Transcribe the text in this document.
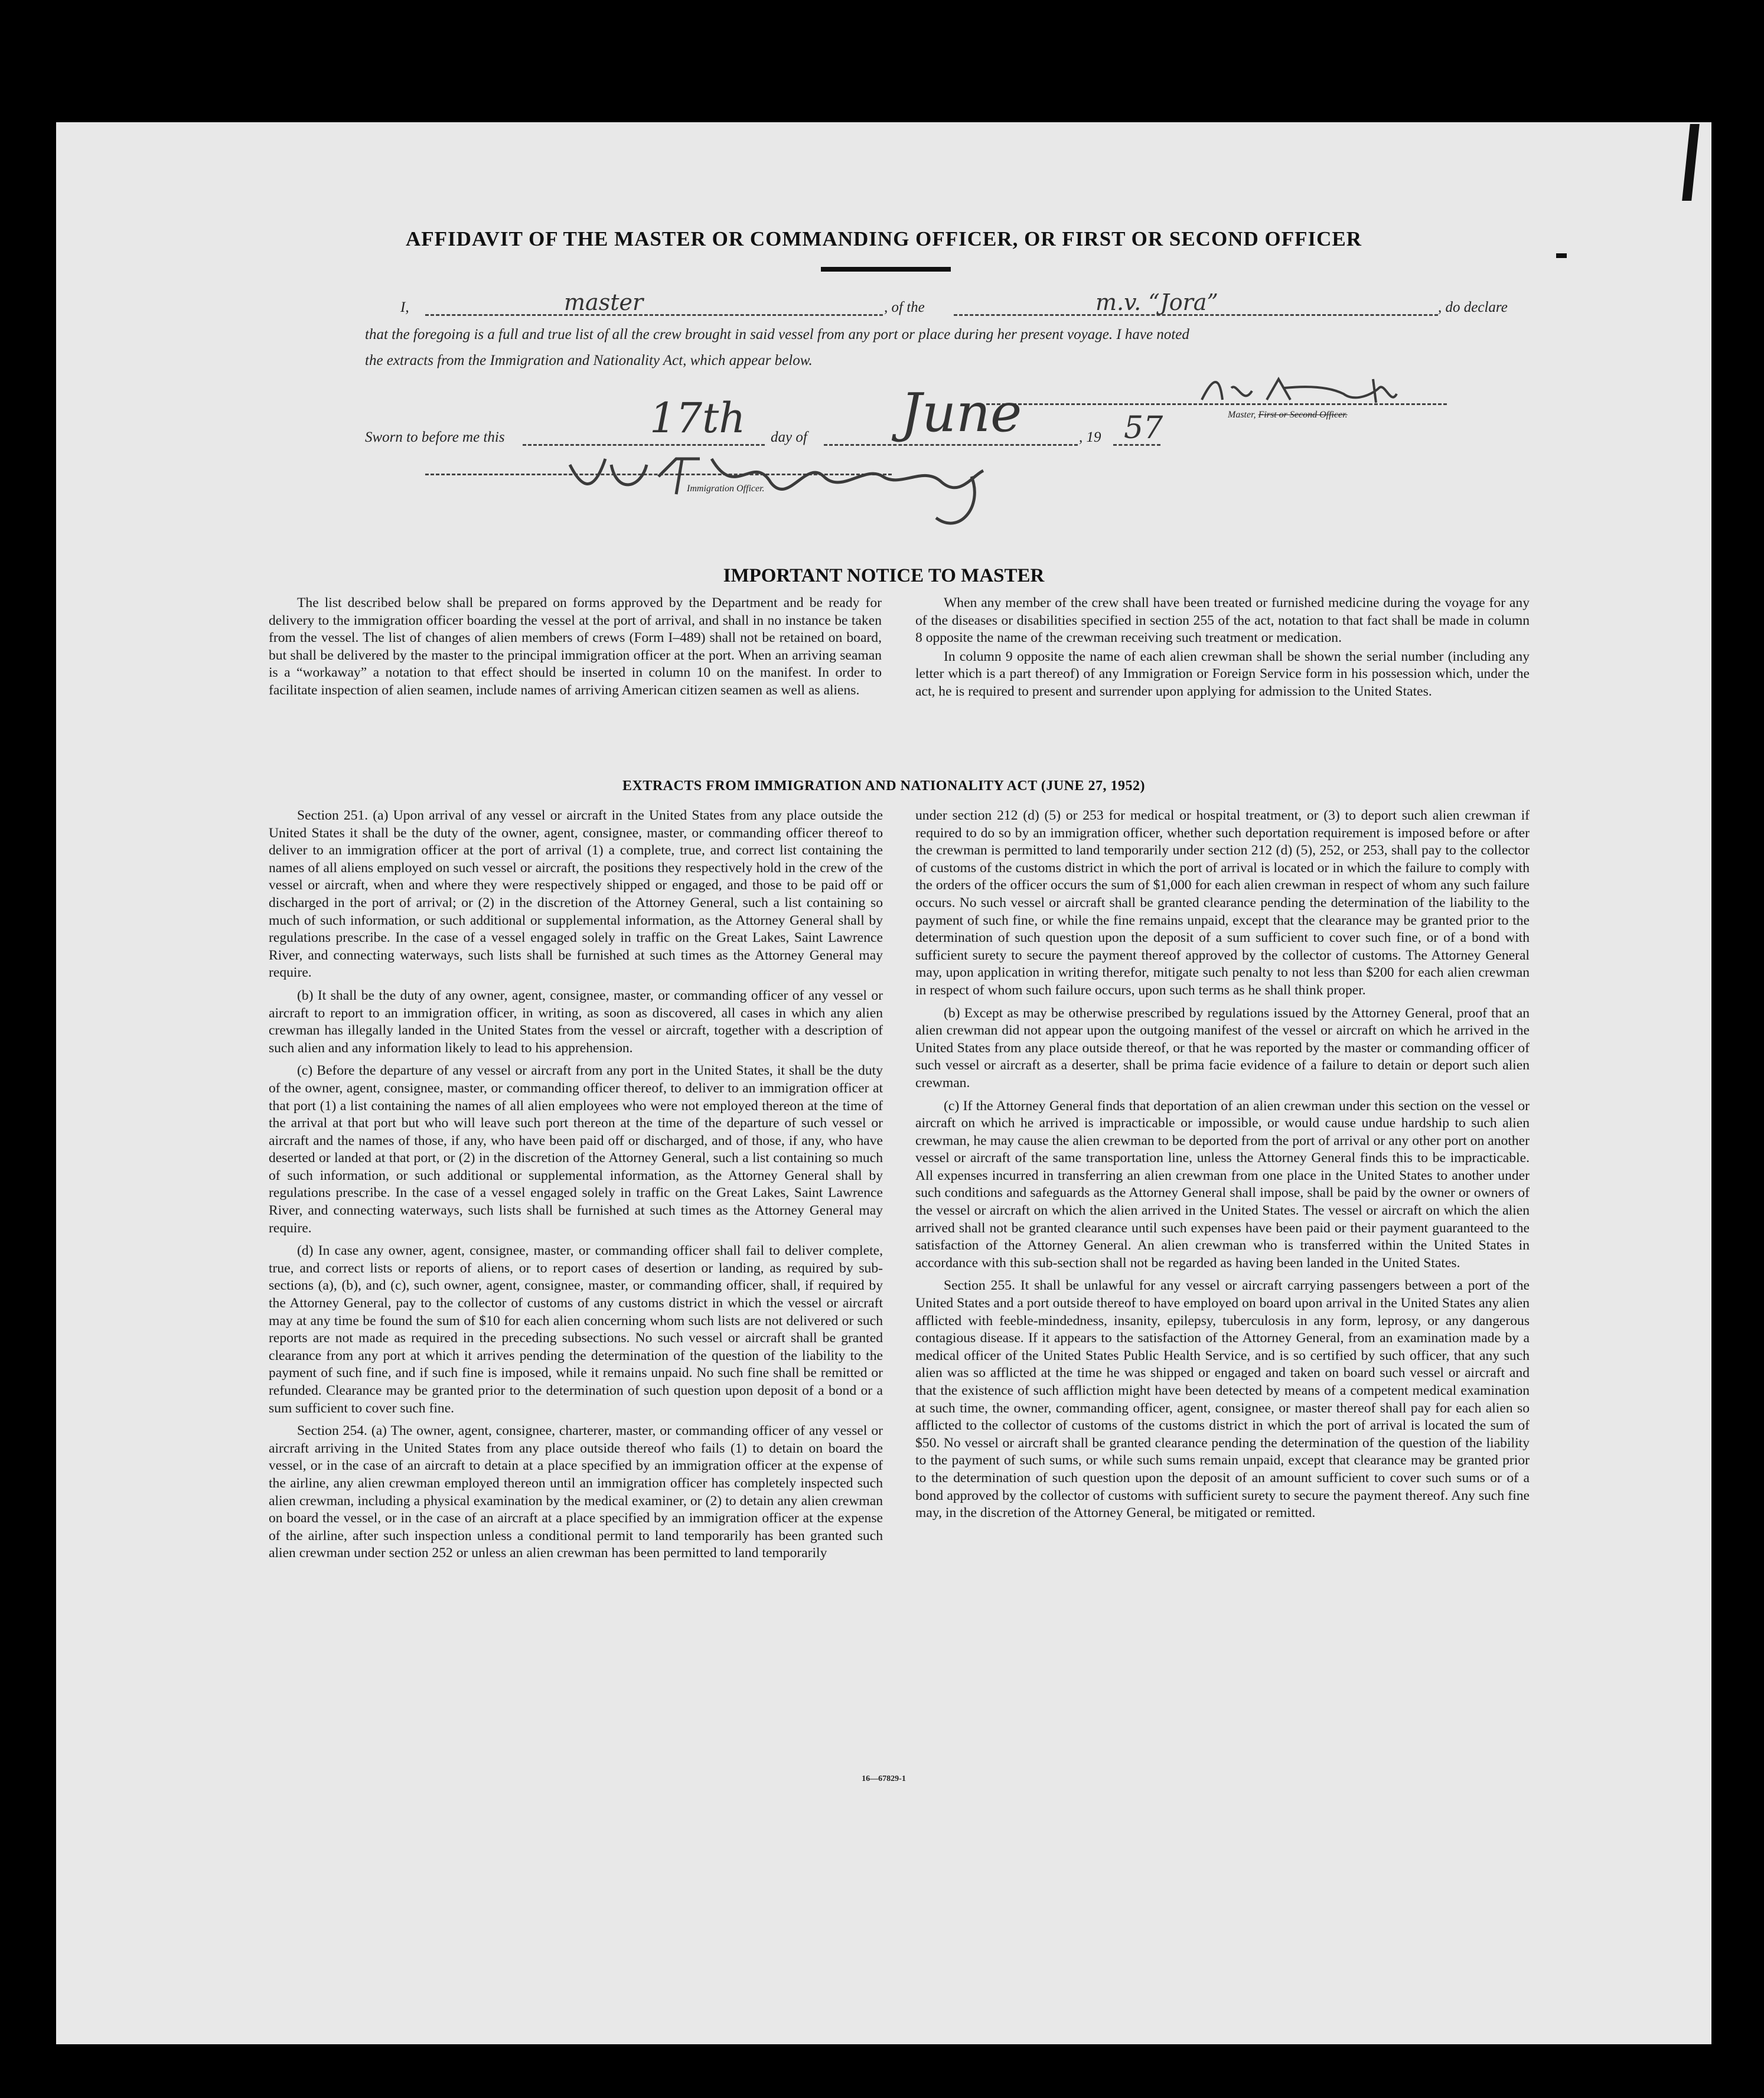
AFFIDAVIT OF THE MASTER OR COMMANDING OFFICER, OR FIRST OR SECOND OFFICER
I,	master	, of the	m.v. “Jora”	, do declare
that the foregoing is a full and true list of all the crew brought in said vessel from any port or place during her present voyage. I have noted
the extracts from the Immigration and Nationality Act, which appear below.
Master, First or Second Officer.
Sworn to before me this	17th day of June	, 19 57
Immigration Officer.
IMPORTANT NOTICE TO MASTER

The list described below shall be prepared on forms approved by the Department and be ready for delivery to the immigration officer boarding the vessel at the port of arrival, and shall in no instance be taken from the vessel. The list of changes of alien members of crews (Form I–489) shall not be retained on board, but shall be delivered by the master to the principal immigration officer at the port. When an arriving seaman is a “workaway” a notation to that effect should be inserted in column 10 on the manifest. In order to facilitate inspection of alien seamen, include names of arriving American citizen seamen as well as aliens.

When any member of the crew shall have been treated or furnished medicine during the voyage for any of the diseases or disabilities specified in section 255 of the act, notation to that fact shall be made in column 8 opposite the name of the crewman receiving such treatment or medication.

In column 9 opposite the name of each alien crewman shall be shown the serial number (including any letter which is a part thereof) of any Immigration or Foreign Service form in his possession which, under the act, he is required to present and surrender upon applying for admission to the United States.

EXTRACTS FROM IMMIGRATION AND NATIONALITY ACT (JUNE 27, 1952)

Section 251. (a) Upon arrival of any vessel or aircraft in the United States from any place outside the United States it shall be the duty of the owner, agent, consignee, master, or commanding officer thereof to deliver to an immigration officer at the port of arrival (1) a complete, true, and correct list containing the names of all aliens employed on such vessel or aircraft, the positions they respectively hold in the crew of the vessel or aircraft, when and where they were respectively shipped or engaged, and those to be paid off or discharged in the port of arrival; or (2) in the discretion of the Attorney General, such a list containing so much of such information, or such additional or supplemental information, as the Attorney General shall by regulations prescribe. In the case of a vessel engaged solely in traffic on the Great Lakes, Saint Lawrence River, and connecting waterways, such lists shall be furnished at such times as the Attorney General may require.

(b) It shall be the duty of any owner, agent, consignee, master, or commanding officer of any vessel or aircraft to report to an immigration officer, in writing, as soon as discovered, all cases in which any alien crewman has illegally landed in the United States from the vessel or aircraft, together with a description of such alien and any information likely to lead to his apprehension.

(c) Before the departure of any vessel or aircraft from any port in the United States, it shall be the duty of the owner, agent, consignee, master, or commanding officer thereof, to deliver to an immigration officer at that port (1) a list containing the names of all alien employees who were not employed thereon at the time of the arrival at that port but who will leave such port thereon at the time of the departure of such vessel or aircraft and the names of those, if any, who have been paid off or discharged, and of those, if any, who have deserted or landed at that port, or (2) in the discretion of the Attorney General, such a list containing so much of such information, or such additional or supplemental information, as the Attorney General shall by regulations prescribe. In the case of a vessel engaged solely in traffic on the Great Lakes, Saint Lawrence River, and connecting waterways, such lists shall be furnished at such times as the Attorney General may require.

(d) In case any owner, agent, consignee, master, or commanding officer shall fail to deliver complete, true, and correct lists or reports of aliens, or to report cases of desertion or landing, as required by sub-sections (a), (b), and (c), such owner, agent, consignee, master, or commanding officer, shall, if required by the Attorney General, pay to the collector of customs of any customs district in which the vessel or aircraft may at any time be found the sum of $10 for each alien concerning whom such lists are not delivered or such reports are not made as required in the preceding subsections. No such vessel or aircraft shall be granted clearance from any port at which it arrives pending the determination of the question of the liability to the payment of such fine, and if such fine is imposed, while it remains unpaid. No such fine shall be remitted or refunded. Clearance may be granted prior to the determination of such question upon deposit of a bond or a sum sufficient to cover such fine.

Section 254. (a) The owner, agent, consignee, charterer, master, or commanding officer of any vessel or aircraft arriving in the United States from any place outside thereof who fails (1) to detain on board the vessel, or in the case of an aircraft to detain at a place specified by an immigration officer at the expense of the airline, any alien crewman employed thereon until an immigration officer has completely inspected such alien crewman, including a physical examination by the medical examiner, or (2) to detain any alien crewman on board the vessel, or in the case of an aircraft at a place specified by an immigration officer at the expense of the airline, after such inspection unless a conditional permit to land temporarily has been granted such alien crewman under section 252 or unless an alien crewman has been permitted to land temporarily

under section 212 (d) (5) or 253 for medical or hospital treatment, or (3) to deport such alien crewman if required to do so by an immigration officer, whether such deportation requirement is imposed before or after the crewman is permitted to land temporarily under section 212 (d) (5), 252, or 253, shall pay to the collector of customs of the customs district in which the port of arrival is located or in which the failure to comply with the orders of the officer occurs the sum of $1,000 for each alien crewman in respect of whom any such failure occurs. No such vessel or aircraft shall be granted clearance pending the determination of the liability to the payment of such fine, or while the fine remains unpaid, except that the clearance may be granted prior to the determination of such question upon the deposit of a sum sufficient to cover such fine, or of a bond with sufficient surety to secure the payment thereof approved by the collector of customs. The Attorney General may, upon application in writing therefor, mitigate such penalty to not less than $200 for each alien crewman in respect of whom such failure occurs, upon such terms as he shall think proper.

(b) Except as may be otherwise prescribed by regulations issued by the Attorney General, proof that an alien crewman did not appear upon the outgoing manifest of the vessel or aircraft on which he arrived in the United States from any place outside thereof, or that he was reported by the master or commanding officer of such vessel or aircraft as a deserter, shall be prima facie evidence of a failure to detain or deport such alien crewman.

(c) If the Attorney General finds that deportation of an alien crewman under this section on the vessel or aircraft on which he arrived is impracticable or impossible, or would cause undue hardship to such alien crewman, he may cause the alien crewman to be deported from the port of arrival or any other port on another vessel or aircraft of the same transportation line, unless the Attorney General finds this to be impracticable. All expenses incurred in transferring an alien crewman from one place in the United States to another under such conditions and safeguards as the Attorney General shall impose, shall be paid by the owner or owners of the vessel or aircraft on which the alien arrived in the United States. The vessel or aircraft on which the alien arrived shall not be granted clearance until such expenses have been paid or their payment guaranteed to the satisfaction of the Attorney General. An alien crewman who is transferred within the United States in accordance with this sub-section shall not be regarded as having been landed in the United States.

Section 255. It shall be unlawful for any vessel or aircraft carrying passengers between a port of the United States and a port outside thereof to have employed on board upon arrival in the United States any alien afflicted with feeble-mindedness, insanity, epilepsy, tuberculosis in any form, leprosy, or any dangerous contagious disease. If it appears to the satisfaction of the Attorney General, from an examination made by a medical officer of the United States Public Health Service, and is so certified by such officer, that any such alien was so afflicted at the time he was shipped or engaged and taken on board such vessel or aircraft and that the existence of such affliction might have been detected by means of a competent medical examination at such time, the owner, commanding officer, agent, consignee, or master thereof shall pay for each alien so afflicted to the collector of customs of the customs district in which the port of arrival is located the sum of $50. No vessel or aircraft shall be granted clearance pending the determination of the question of the liability to the payment of such sums, or while such sums remain unpaid, except that clearance may be granted prior to the determination of such question upon the deposit of an amount sufficient to cover such sums or of a bond approved by the collector of customs with sufficient surety to secure the payment thereof. Any such fine may, in the discretion of the Attorney General, be mitigated or remitted.

16—67829-1
